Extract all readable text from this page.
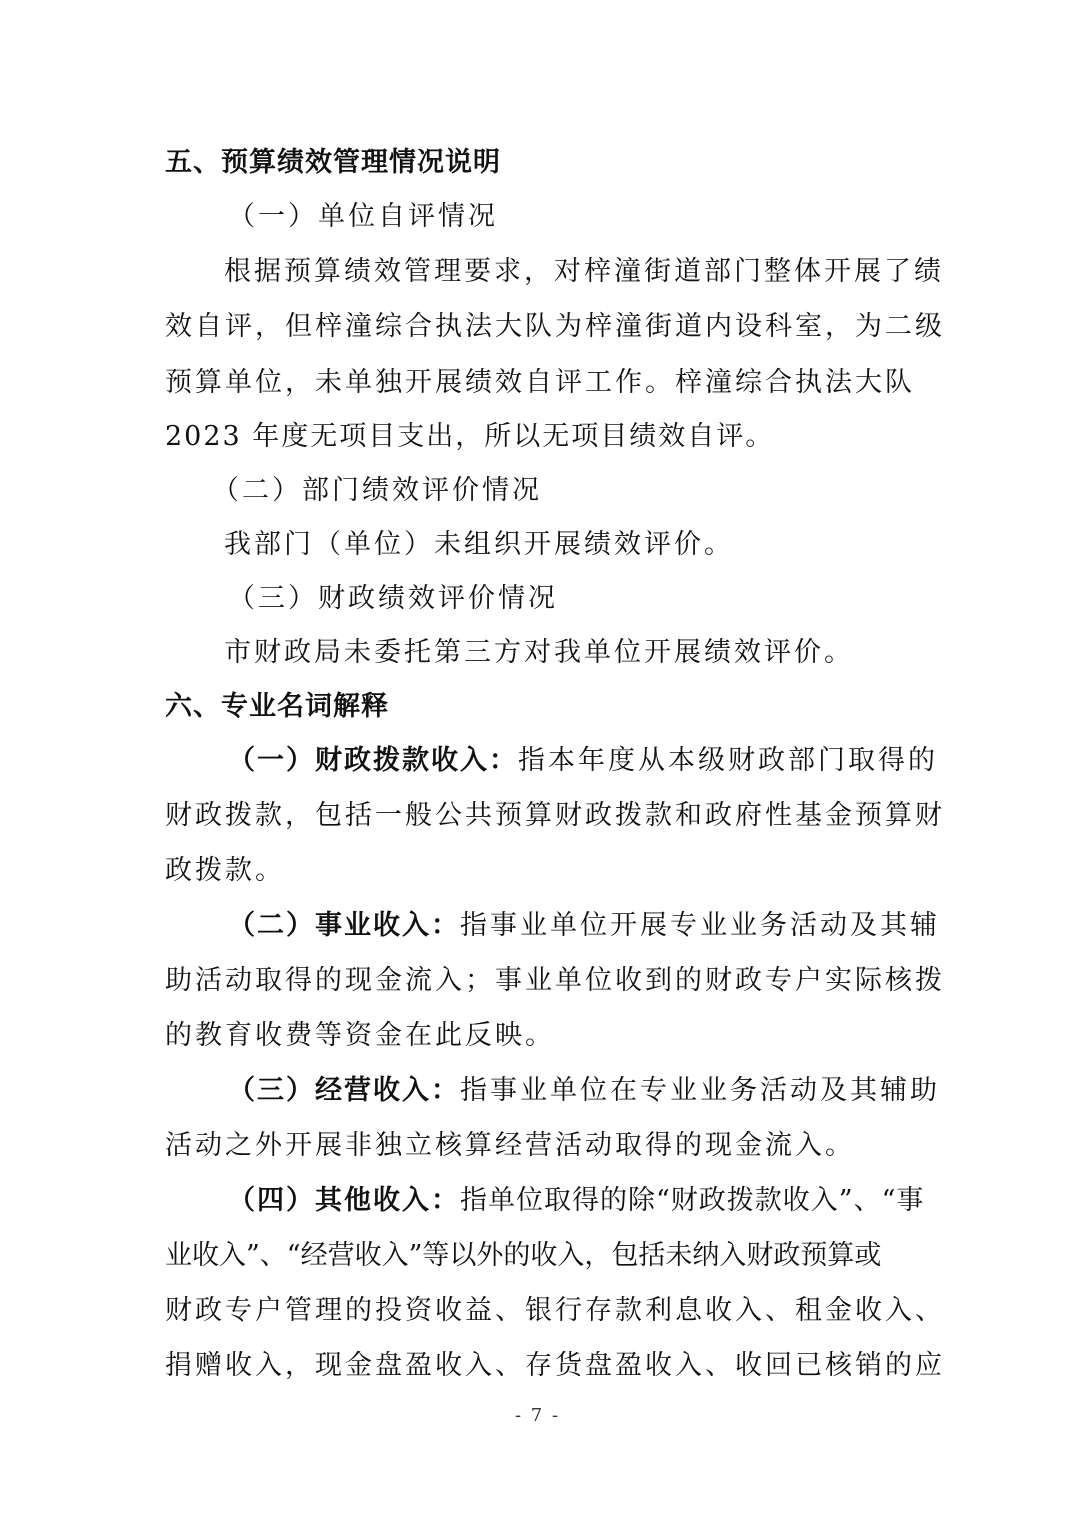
五、预算绩效管理情况说明
（一）单位自评情况
根据预算绩效管理要求，对梓潼街道部门整体开展了绩
效自评，但梓潼综合执法大队为梓潼街道内设科室，为二级
预算单位，未单独开展绩效自评工作。梓潼综合执法大队
2023 年度无项目支出，所以无项目绩效自评。
（二）部门绩效评价情况
我部门（单位）未组织开展绩效评价。
（三）财政绩效评价情况
市财政局未委托第三方对我单位开展绩效评价。
六、专业名词解释
（一）财政拨款收入：指本年度从本级财政部门取得的
财政拨款，包括一般公共预算财政拨款和政府性基金预算财
政拨款。
（二）事业收入：指事业单位开展专业业务活动及其辅
助活动取得的现金流入；事业单位收到的财政专户实际核拨
的教育收费等资金在此反映。
（三）经营收入：指事业单位在专业业务活动及其辅助
活动之外开展非独立核算经营活动取得的现金流入。
（四）其他收入：指单位取得的除“财政拨款收入”、“事
业收入”、“经营收入”等以外的收入，包括未纳入财政预算或
财政专户管理的投资收益、银行存款利息收入、租金收入、
捐赠收入，现金盘盈收入、存货盘盈收入、收回已核销的应
- 7 -
